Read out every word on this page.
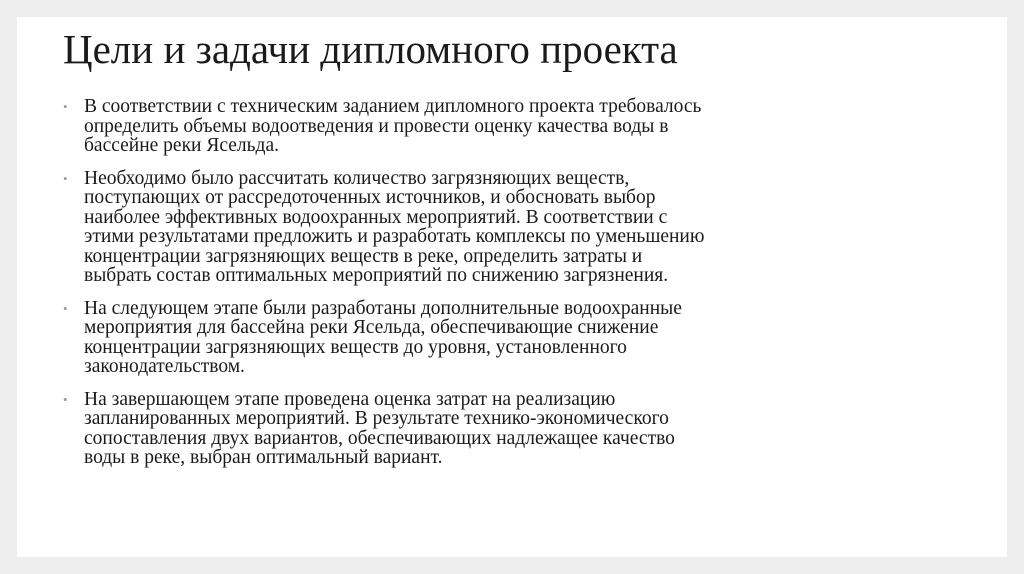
Цели и задачи дипломного проекта
• В соответствии с техническим заданием дипломного проекта требовалось
определить объемы водоотведения и провести оценку качества воды в
бассейне реки Ясельда.
• Необходимо было рассчитать количество загрязняющих веществ,
поступающих от рассредоточенных источников, и обосновать выбор
наиболее эффективных водоохранных мероприятий. В соответствии с
этими результатами предложить и разработать комплексы по уменьшению
концентрации загрязняющих веществ в реке, определить затраты и
выбрать состав оптимальных мероприятий по снижению загрязнения.
• На следующем этапе были разработаны дополнительные водоохранные
мероприятия для бассейна реки Ясельда, обеспечивающие снижение
концентрации загрязняющих веществ до уровня, установленного
законодательством.
• На завершающем этапе проведена оценка затрат на реализацию
запланированных мероприятий. В результате технико-экономического
сопоставления двух вариантов, обеспечивающих надлежащее качество
воды в реке, выбран оптимальный вариант.
